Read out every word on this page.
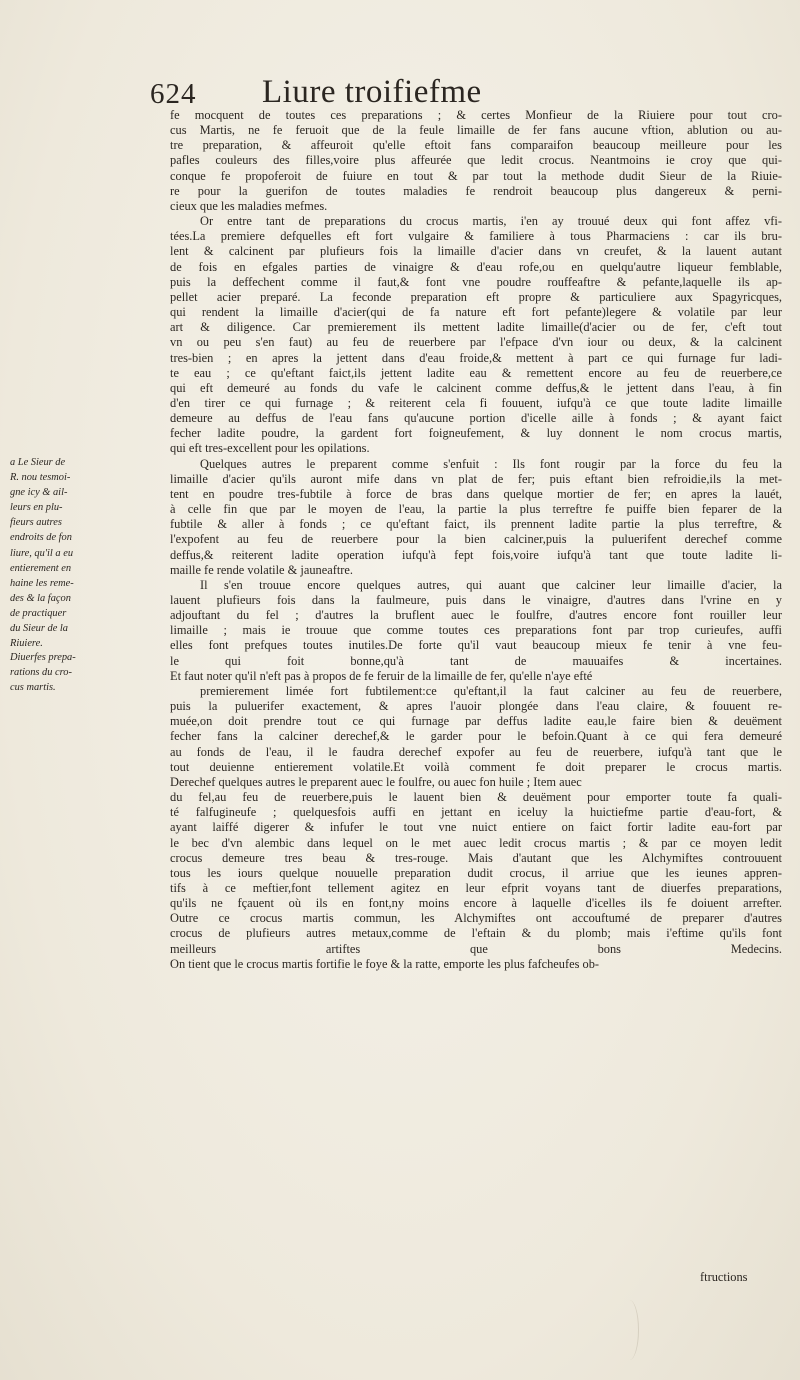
624 Liure troifiefme
a Le Sieur de
R. nou tesmoi-
gne icy & ail-
leurs en plu-
fieurs autres
endroits de fon
liure, qu'il a eu
entierement en
haine les reme-
des & la façon
de practiquer
du Sieur de la
Riuiere.
Diuerfes prepa-
rations du cro-
cus martis.
fe mocquent de toutes ces preparations ; & certes Monfieur de la Riuiere pour tout cro-
cus Martis, ne fe feruoit que de la feule limaille de fer fans aucune vftion, ablution ou au-
tre preparation, & affeuroit qu'elle eftoit fans comparaifon beaucoup meilleure pour les
pafles couleurs des filles,voire plus affeurée que ledit crocus. Neantmoins ie croy que qui-
conque fe propoferoit de fuiure en tout & par tout la methode dudit Sieur de la Riuie-
re pour la guerifon de toutes maladies fe rendroit beaucoup plus dangereux & perni-
cieux que les maladies mefmes.
Or entre tant de preparations du crocus martis, i'en ay trouué deux qui font affez vfi-
tées.La premiere defquelles eft fort vulgaire & familiere à tous Pharmaciens : car ils bru-
lent & calcinent par plufieurs fois la limaille d'acier dans vn creufet, & la lauent autant
de fois en efgales parties de vinaigre & d'eau rofe,ou en quelqu'autre liqueur femblable,
puis la deffechent comme il faut,& font vne poudre rouffeaftre & pefante,laquelle ils ap-
pellet acier preparé. La feconde preparation eft propre & particuliere aux Spagyricques,
qui rendent la limaille d'acier(qui de fa nature eft fort pefante)legere & volatile par leur
art & diligence. Car premierement ils mettent ladite limaille(d'acier ou de fer, c'eft tout
vn ou peu s'en faut) au feu de reuerbere par l'efpace d'vn iour ou deux, & la calcinent
tres-bien ; en apres la jettent dans d'eau froide,& mettent à part ce qui furnage fur ladi-
te eau ; ce qu'eftant faict,ils jettent ladite eau & remettent encore au feu de reuerbere,ce
qui eft demeuré au fonds du vafe le calcinent comme deffus,& le jettent dans l'eau, à fin
d'en tirer ce qui furnage ; & reiterent cela fi fouuent, iufqu'à ce que toute ladite limaille
demeure au deffus de l'eau fans qu'aucune portion d'icelle aille à fonds ; & ayant faict
fecher ladite poudre, la gardent fort foigneufement, & luy donnent le nom crocus martis,
qui eft tres-excellent pour les opilations.
Quelques autres le preparent comme s'enfuit : Ils font rougir par la force du feu la
limaille d'acier qu'ils auront mife dans vn plat de fer; puis eftant bien refroidie,ils la met-
tent en poudre tres-fubtile à force de bras dans quelque mortier de fer; en apres la lauét,
à celle fin que par le moyen de l'eau, la partie la plus terreftre fe puiffe bien feparer de la
fubtile & aller à fonds ; ce qu'eftant faict, ils prennent ladite partie la plus terreftre, &
l'expofent au feu de reuerbere pour la bien calciner,puis la puluerifent derechef comme
deffus,& reiterent ladite operation iufqu'à fept fois,voire iufqu'à tant que toute ladite li-
maille fe rende volatile & jauneaftre.
Il s'en trouue encore quelques autres, qui auant que calciner leur limaille d'acier, la
lauent plufieurs fois dans la faulmeure, puis dans le vinaigre, d'autres dans l'vrine en y
adjouftant du fel ; d'autres la bruflent auec le foulfre, d'autres encore font rouiller leur
limaille ; mais ie trouue que comme toutes ces preparations font par trop curieufes, auffi
elles font prefques toutes inutiles.De forte qu'il vaut beaucoup mieux fe tenir à vne feu-
le qui foit bonne,qu'à tant de mauuaifes & incertaines.
Et faut noter qu'il n'eft pas à propos de fe feruir de la limaille de fer, qu'elle n'aye efté
premierement limée fort fubtilement:ce qu'eftant,il la faut calciner au feu de reuerbere,
puis la puluerifer exactement, & apres l'auoir plongée dans l'eau claire, & fouuent re-
muée,on doit prendre tout ce qui furnage par deffus ladite eau,le faire bien & deuëment
fecher fans la calciner derechef,& le garder pour le befoin.Quant à ce qui fera demeuré
au fonds de l'eau, il le faudra derechef expofer au feu de reuerbere, iufqu'à tant que le
tout deuienne entierement volatile.Et voilà comment fe doit preparer le crocus martis.
Derechef quelques autres le preparent auec le foulfre, ou auec fon huile ; Item auec
„ du fel,au feu de reuerbere,puis le lauent bien & deuëment pour emporter toute fa quali-
„ té falfugineufe ; quelquesfois auffi en jettant en iceluy la huictiefme partie d'eau-fort, &
„ ayant laiffé digerer & infufer le tout vne nuict entiere on faict fortir ladite eau-fort par
„ le bec d'vn alembic dans lequel on le met auec ledit crocus martis ; & par ce moyen ledit
„ crocus demeure tres beau & tres-rouge. Mais d'autant que les Alchymiftes controuuent
„ tous les iours quelque nouuelle preparation dudit crocus, il arriue que les ieunes appren-
„ tifs à ce meftier,font tellement agitez en leur efprit voyans tant de diuerfes preparations,
„ qu'ils ne fçauent où ils en font,ny moins encore à laquelle d'icelles ils fe doiuent arrefter.
„ Outre ce crocus martis commun, les Alchymiftes ont accouftumé de preparer d'autres
„ crocus de plufieurs autres metaux,comme de l'eftain & du plomb; mais i'eftime qu'ils font
„ meilleurs artiftes que bons Medecins.
„ On tient que le crocus martis fortifie le foye & la ratte, emporte les plus fafcheufes ob-
ftructions
